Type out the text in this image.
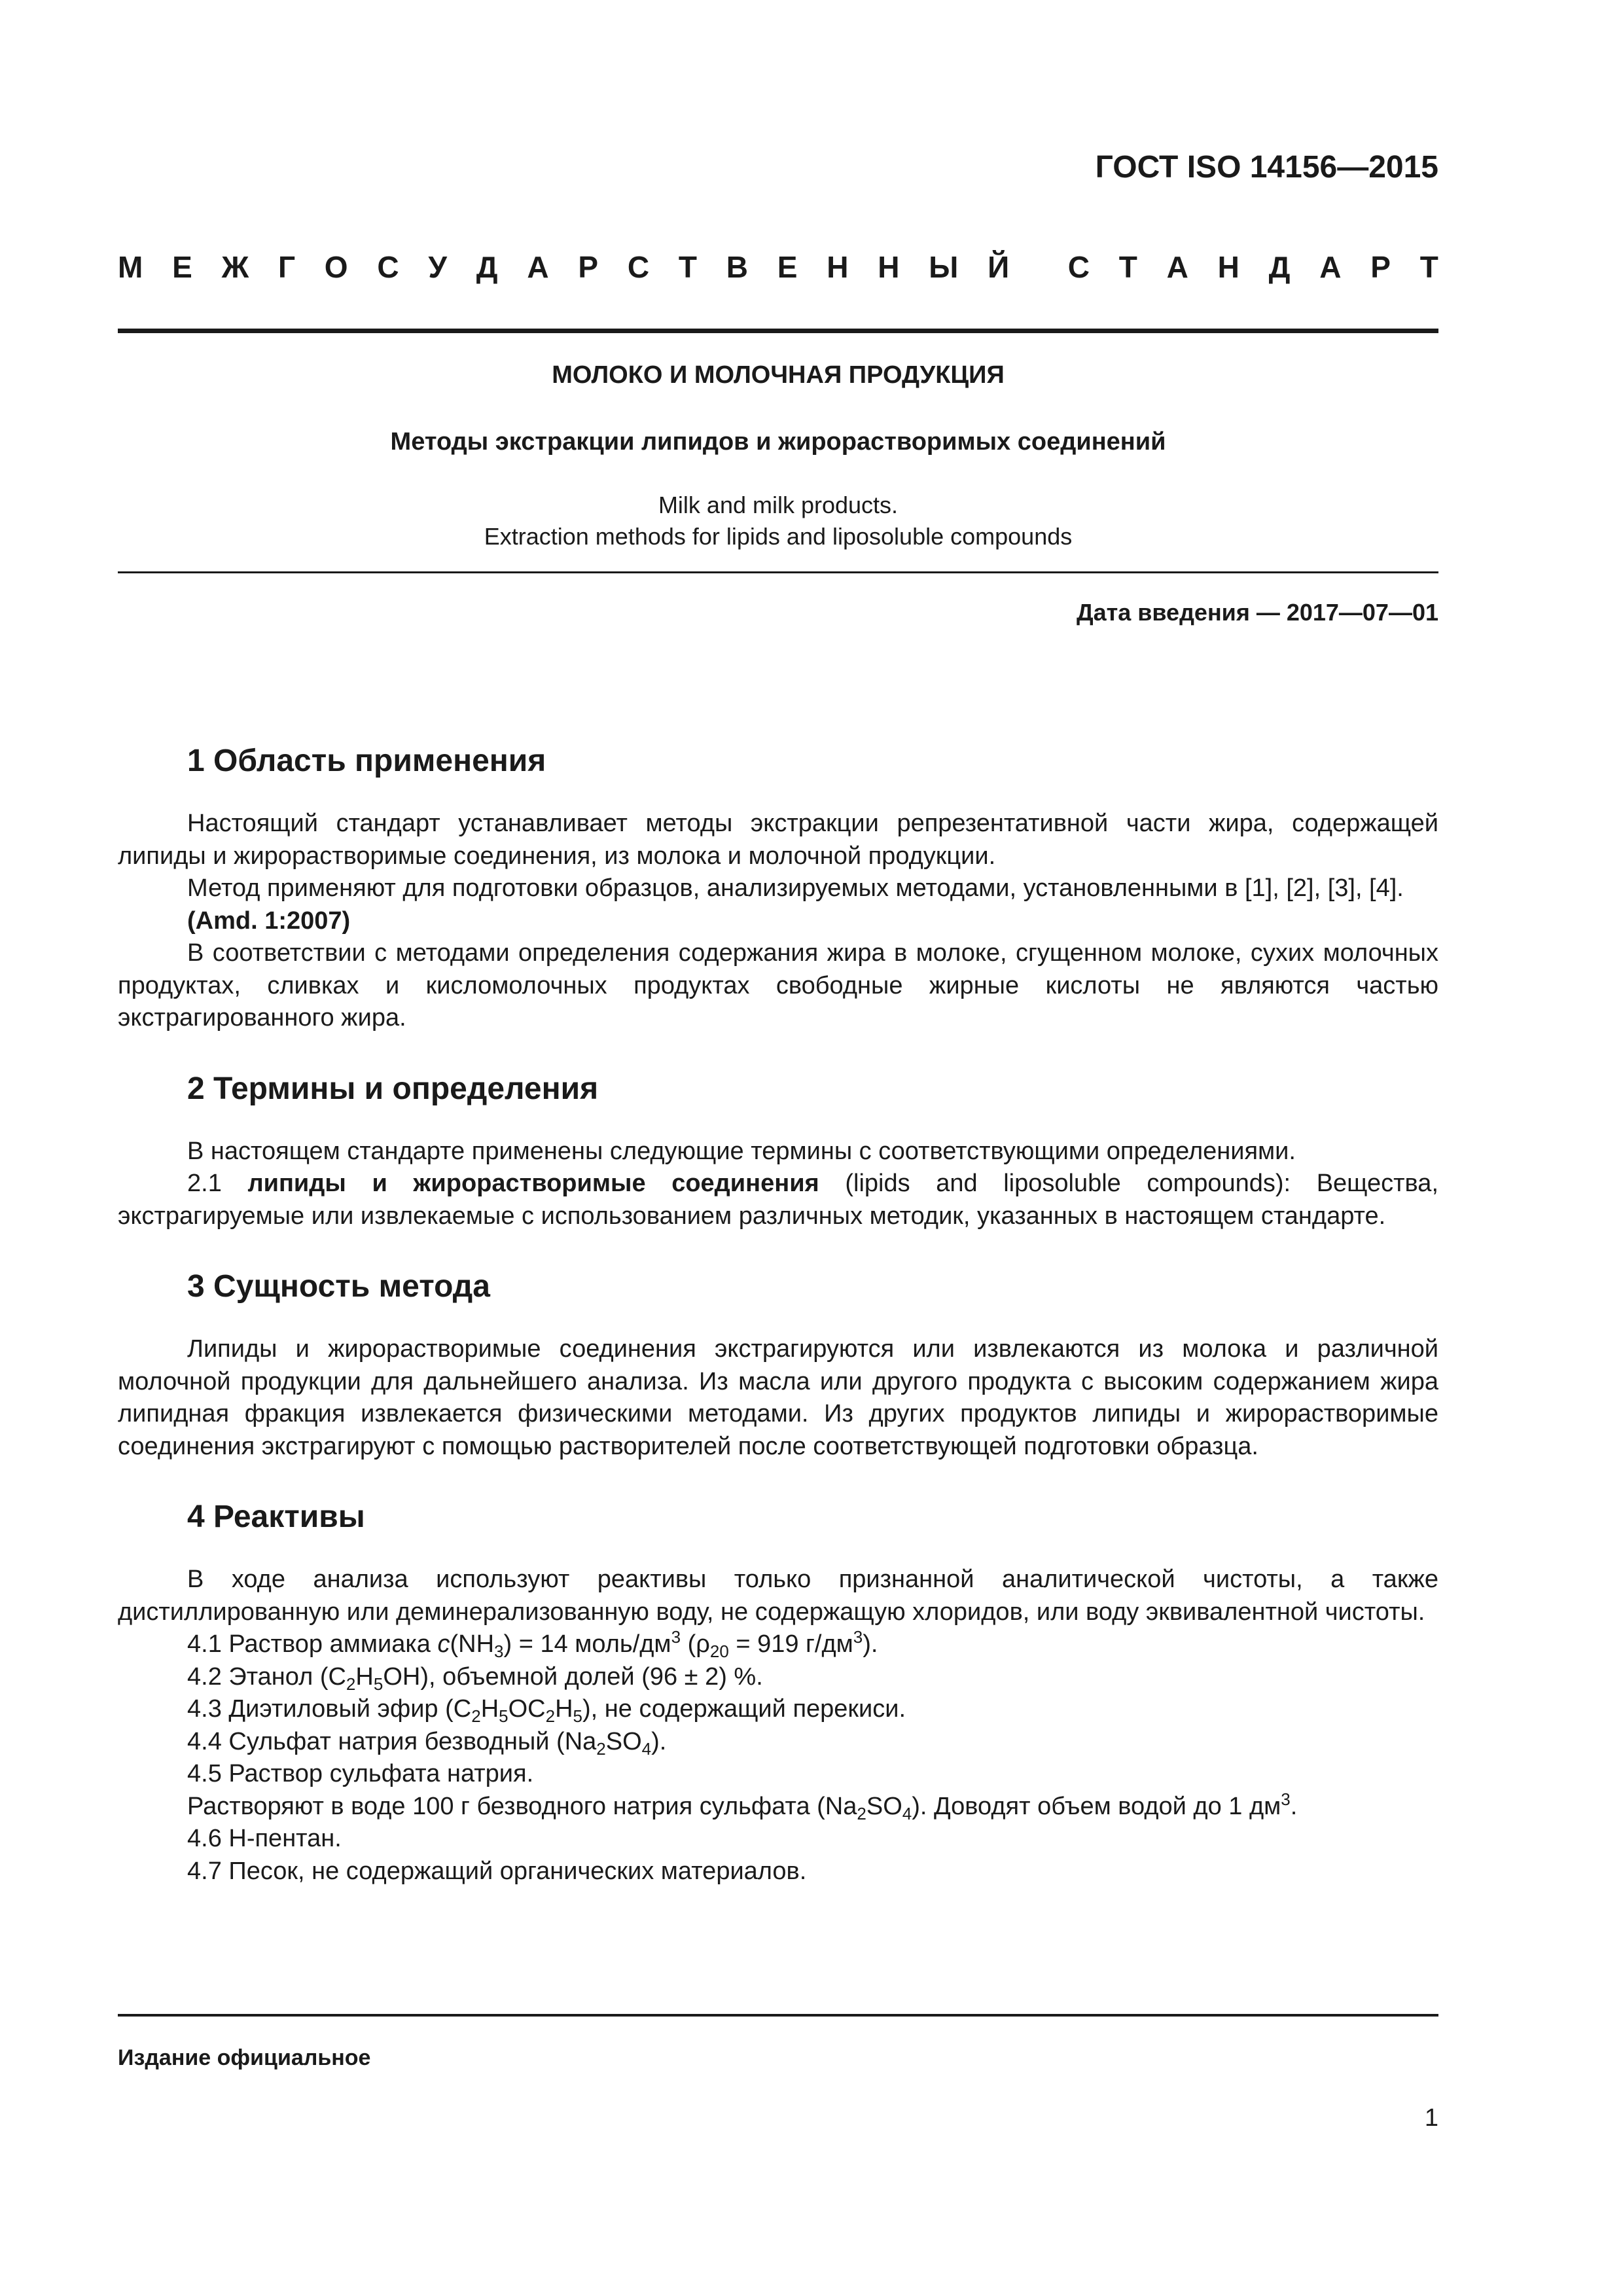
ГОСТ ISO 14156—2015
М Е Ж Г О С У Д А Р С Т В Е Н Н Ы Й С Т А Н Д А Р Т
МОЛОКО И МОЛОЧНАЯ ПРОДУКЦИЯ
Методы экстракции липидов и жирорастворимых соединений
Milk and milk products.
Extraction methods for lipids and liposoluble compounds
Дата введения — 2017—07—01
1 Область применения

Настоящий стандарт устанавливает методы экстракции репрезентативной части жира, содержащей липиды и жирорастворимые соединения, из молока и молочной продукции.

Метод применяют для подготовки образцов, анализируемых методами, установленными в [1], [2], [3], [4].

(Amd. 1:2007)

В соответствии с методами определения содержания жира в молоке, сгущенном молоке, сухих молочных продуктах, сливках и кисломолочных продуктах свободные жирные кислоты не являются частью экстрагированного жира.

2 Термины и определения

В настоящем стандарте применены следующие термины с соответствующими определениями.

2.1 липиды и жирорастворимые соединения (lipids and liposoluble compounds): Вещества, экстрагируемые или извлекаемые с использованием различных методик, указанных в настоящем стандарте.

3 Сущность метода

Липиды и жирорастворимые соединения экстрагируются или извлекаются из молока и различной молочной продукции для дальнейшего анализа. Из масла или другого продукта с высоким содержанием жира липидная фракция извлекается физическими методами. Из других продуктов липиды и жирорастворимые соединения экстрагируют с помощью растворителей после соответствующей подготовки образца.

4 Реактивы

В ходе анализа используют реактивы только признанной аналитической чистоты, а также дистиллированную или деминерализованную воду, не содержащую хлоридов, или воду эквивалентной чистоты.

4.1 Раствор аммиака $c(NH_3) = 14$ моль/$дм^3$ ($\rho_{20} = 919$ $г/дм^3$).

4.2 Этанол $(C_2H_5OH)$, объемной долей (96 ± 2) %.

4.3 Диэтиловый эфир $(C_2H_5OC_2H_5)$, не содержащий перекиси.

4.4 Сульфат натрия безводный $(Na_2SO_4)$.

4.5 Раствор сульфата натрия.

Растворяют в воде 100 г безводного натрия сульфата $(Na_2SO_4)$. Доводят объем водой до 1 $дм^3$.

4.6 Н-пентан.

4.7 Песок, не содержащий органических материалов.

Издание официальное
1
